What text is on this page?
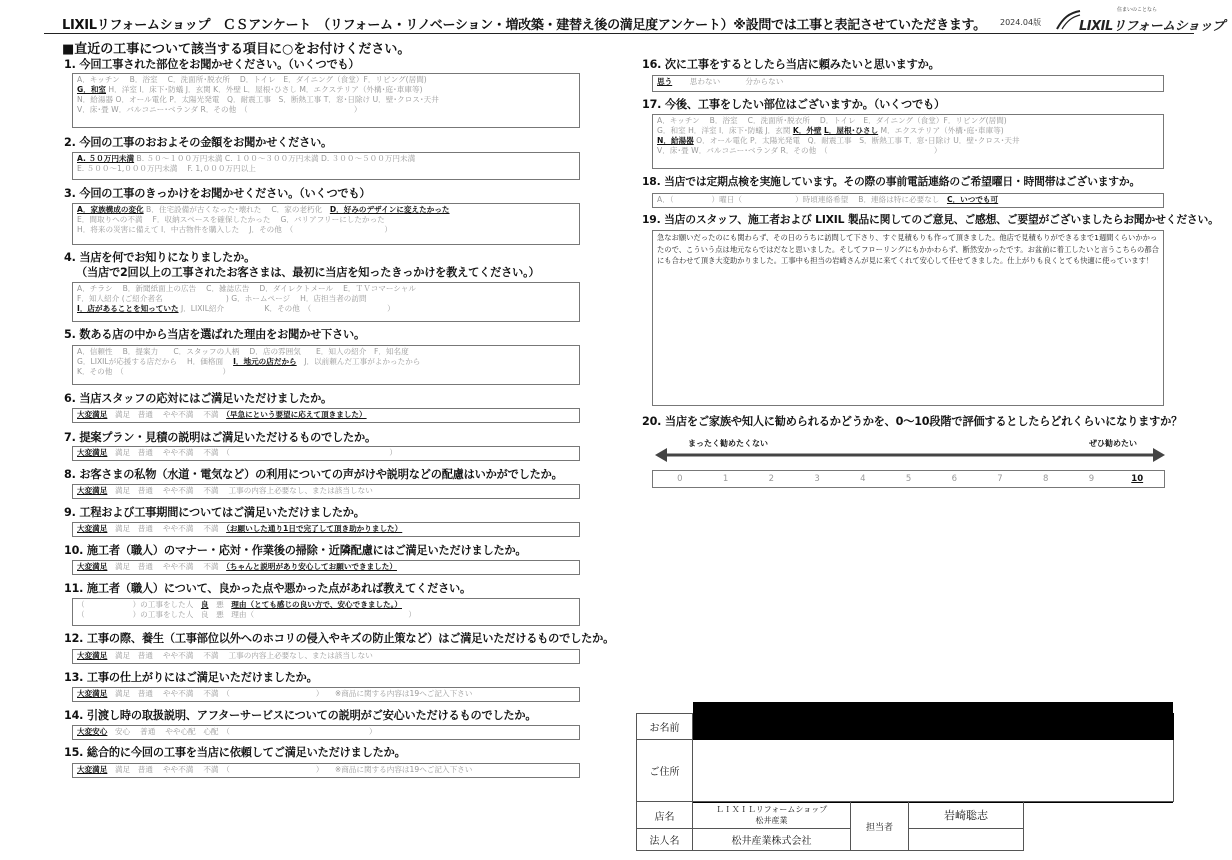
LIXILリフォームショップ　ＣＳアンケート　（リフォーム・リノベーション・増改築・建替え後の満足度アンケート）※設問では工事と表記させていただきます。 2024.04版
住まいのことなら
LIXILリフォームショップ
■直近の工事について該当する項目に○をお付けください。
1. 今回工事された部位をお聞かせください。（いくつでも）
A．キッチン　 B．浴室　 C．洗面所･脱衣所　 D．トイレ　E．ダイニング（食堂）F．リビング(居間)
G．和室 H．洋室 I．床下･防蟻 J．玄関 K．外壁 L．屋根･ひさし M．エクステリア（外構･庭･車庫等)
N．給湯器 O．オール電化 P．太陽光発電　Q．耐震工事　S．断熱工事 T．窓･日除け U．壁･クロス･天井
V．床･畳 W．バルコニー･ベランダ R．その他　（　　　　　　　　　　　　　　）
2. 今回の工事のおおよその金額をお聞かせください。
A. ５０万円未満 B. ５０～１００万円未満 C. １００～３００万円未満 D. ３００～５００万円未満
E. ５００～1,０００万円未満　 F. 1,０００万円以上
3. 今回の工事のきっかけをお聞かせください。（いくつでも）
A．家族構成の変化 B．住宅設備が古くなった･壊れた　 C．家の老朽化　D．好みのデザインに変えたかった
E．間取りへの不満　 F．収納スペースを確保したかった　 G．バリアフリーにしたかった
H．将来の災害に備えて I．中古物件を購入した　 J．その他　（　　　　　　　　　　　　）
4. 当店を何でお知りになりましたか。
（当店で2回以上の工事されたお客さまは、最初に当店を知ったきっかけを教えてください。）
A．チラシ　 B．新聞紙面上の広告　 C．雑誌広告　 D．ダイレクトメール　 E．ＴＶコマーシャル
F．知人紹介 (ご紹介者名　　　　　　　　 ) G．ホームページ　 H．店担当者の訪問
I．店があることを知っていた J．LIXIL紹介　　　　　 K．その他　（　　　　　　　　　　）
5. 数ある店の中から当店を選ばれた理由をお聞かせ下さい。
A．信頼性　 B．提案力　　C．スタッフの人柄　 D．店の雰囲気　　E．知人の紹介　F．知名度
G．LIXILが応援する店だから　 H．価格面　 I．地元の店だから　J．以前頼んだ工事がよかったから
K．その他　（　　　　　　　　　　　　　）
6. 当店スタッフの応対にはご満足いただけましたか。
大変満足　満足　普通　 やや不満　 不満　（早急にという要望に応えて頂きました）
7. 提案プラン・見積の説明はご満足いただけるものでしたか。
大変満足　満足　普通　 やや不満　 不満　（　　　　　　　　　　　　　　　　　　　　　）
8. お客さまの私物（水道・電気など）の利用についての声がけや説明などの配慮はいかがでしたか。
大変満足　満足　普通　 やや不満　 不満　 工事の内容上必要なし、または該当しない
9. 工程および工事期間についてはご満足いただけましたか。
大変満足　満足　普通　 やや不満　 不満　（お願いした通り1日で完了して頂き助かりました）
10. 施工者（職人）のマナー・応対・作業後の掃除・近隣配慮にはご満足いただけましたか。
大変満足　満足　普通　 やや不満　 不満　（ちゃんと説明があり安心してお願いできました）
11. 施工者（職人）について、良かった点や悪かった点があれば教えてください。
（　　　　　　 ）の工事をした人　良　悪　理由（とても感じの良い方で、安心できました。）
（　　　　　　 ）の工事をした人　良　悪　理由（　　　　　　　　　　　　　　　　　　　　 ）
12. 工事の際、養生（工事部位以外へのホコリの侵入やキズの防止策など）はご満足いただけるものでしたか。
大変満足　満足　普通　 やや不満　 不満　 工事の内容上必要なし、または該当しない
13. 工事の仕上がりにはご満足いただけましたか。
大変満足　満足　普通　 やや不満　 不満　（　　　　　　　　　　　 ）　　※商品に関する内容は19へご記入下さい
14. 引渡し時の取扱説明、アフターサービスについての説明がご安心いただけるものでしたか。
大変安心　安心　 普通　 やや心配　心配　（　　　　　　　　　　　　　　　　　　 ）
15. 総合的に今回の工事を当店に依頼してご満足いただけましたか。
大変満足　満足　普通　 やや不満　 不満　（　　　　　　　　　　　 ）　　※商品に関する内容は19へご記入下さい
16. 次に工事をするとしたら当店に頼みたいと思いますか。
思う　　 思わない　　　 分からない
17. 今後、工事をしたい部位はございますか。（いくつでも）
A．キッチン　 B．浴室　 C．洗面所･脱衣所　 D．トイレ　E．ダイニング（食堂）F．リビング(居間)
G．和室 H．洋室 I．床下･防蟻 J．玄関 K．外壁 L．屋根･ひさし M．エクステリア（外構･庭･車庫等)
N．給湯器 O．オール電化 P．太陽光発電　Q．耐震工事　S．断熱工事 T．窓･日除け U．壁･クロス･天井
V．床･畳 W．バルコニー･ベランダ R．その他　（　　　　　　　　　　　　　　）
18. 当店では定期点検を実施しています。その際の事前電話連絡のご希望曜日・時間帯はございますか。
A．（　　　　　）曜日（　　　　　　　）時頃連絡希望　 B．連絡は特に必要なし　C．いつでも可
19. 当店のスタッフ、施工者および LIXIL 製品に関してのご意見、ご感想、ご要望がございましたらお聞かせください。
急なお願いだったのにも関わらず、その日のうちに訪問して下さり、すぐ見積もりも作って頂きました。他店で見積もりができるまで1週間くらいかかったので、こういう点は地元ならではだなと思いました。そしてフローリングにもかかわらず、断然安かったです。お盆前に着工したいと言うこちらの都合にも合わせて頂き大変助かりました。工事中も担当の岩崎さんが見に来てくれて安心して任せてきました。仕上がりも良くとても快適に使っています！
20. 当店をご家族や知人に勧められるかどうかを、0～10段階で評価するとしたらどれくらいになりますか？
まったく勧めたくない	ぜひ勧めたい
0	1	2	3	4	5	6	7	8	9	10
お名前				
ご住所				
店名	ＬＩＸＩＬリフォームショップ
松井産業	担当者	岩崎聡志	
法人名	松井産業株式会社			
